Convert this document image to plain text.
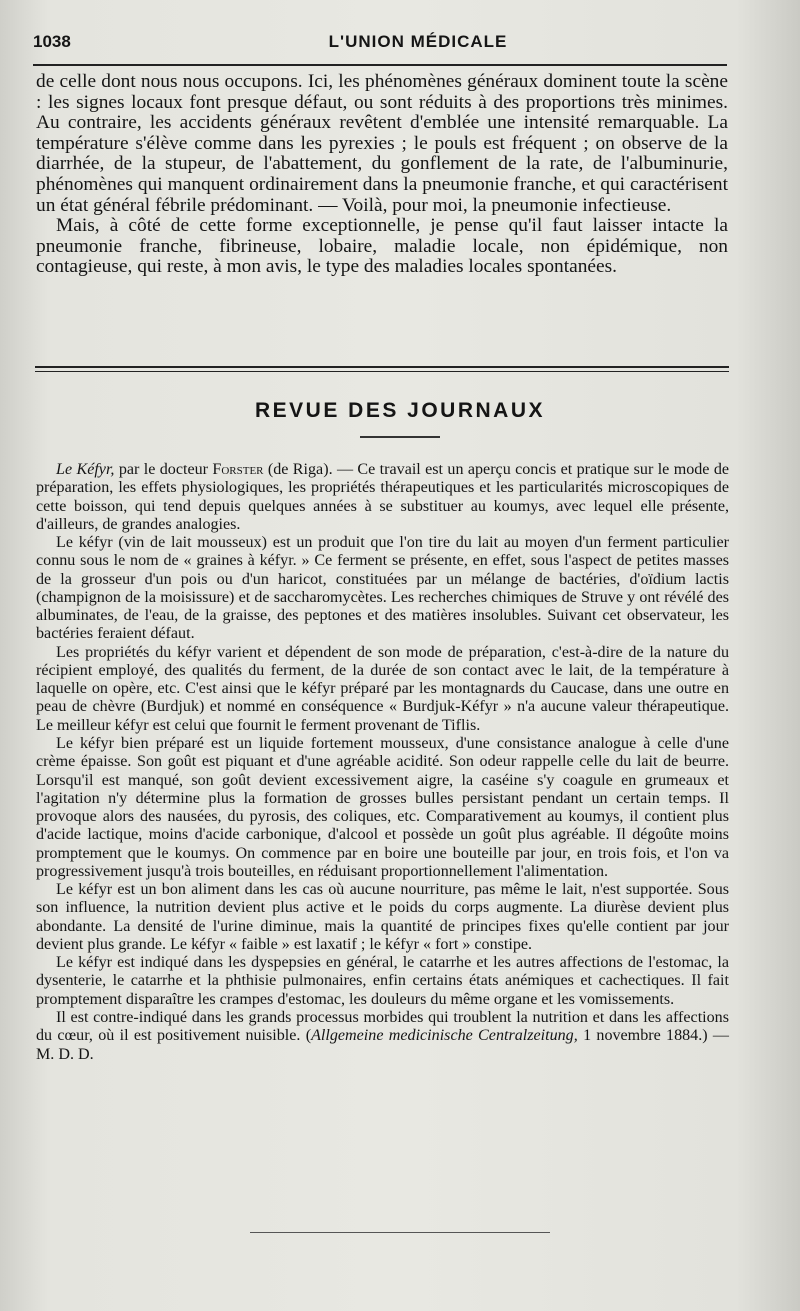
1038	L'UNION MÉDICALE

de celle dont nous nous occupons. Ici, les phénomènes généraux dominent toute la scène : les signes locaux font presque défaut, ou sont réduits à des proportions très minimes. Au contraire, les accidents généraux revêtent d'emblée une intensité remarquable. La température s'élève comme dans les pyrexies ; le pouls est fréquent ; on observe de la diarrhée, de la stupeur, de l'abattement, du gonflement de la rate, de l'albuminurie, phénomènes qui manquent ordinairement dans la pneumonie franche, et qui caractérisent un état général fébrile prédominant. — Voilà, pour moi, la pneumonie infectieuse.

Mais, à côté de cette forme exceptionnelle, je pense qu'il faut laisser intacte la pneumonie franche, fibrineuse, lobaire, maladie locale, non épidémique, non contagieuse, qui reste, à mon avis, le type des maladies locales spontanées.

REVUE DES JOURNAUX

Le Kéfyr, par le docteur Forster (de Riga). — Ce travail est un aperçu concis et pratique sur le mode de préparation, les effets physiologiques, les propriétés thérapeutiques et les particularités microscopiques de cette boisson, qui tend depuis quelques années à se substituer au koumys, avec lequel elle présente, d'ailleurs, de grandes analogies.

Le kéfyr (vin de lait mousseux) est un produit que l'on tire du lait au moyen d'un ferment particulier connu sous le nom de « graines à kéfyr. » Ce ferment se présente, en effet, sous l'aspect de petites masses de la grosseur d'un pois ou d'un haricot, constituées par un mélange de bactéries, d'oïdium lactis (champignon de la moisissure) et de saccharomycètes. Les recherches chimiques de Struve y ont révélé des albuminates, de l'eau, de la graisse, des peptones et des matières insolubles. Suivant cet observateur, les bactéries feraient défaut.

Les propriétés du kéfyr varient et dépendent de son mode de préparation, c'est-à-dire de la nature du récipient employé, des qualités du ferment, de la durée de son contact avec le lait, de la température à laquelle on opère, etc. C'est ainsi que le kéfyr préparé par les montagnards du Caucase, dans une outre en peau de chèvre (Burdjuk) et nommé en conséquence « Burdjuk-Kéfyr » n'a aucune valeur thérapeutique. Le meilleur kéfyr est celui que fournit le ferment provenant de Tiflis.

Le kéfyr bien préparé est un liquide fortement mousseux, d'une consistance analogue à celle d'une crème épaisse. Son goût est piquant et d'une agréable acidité. Son odeur rappelle celle du lait de beurre. Lorsqu'il est manqué, son goût devient excessivement aigre, la caséine s'y coagule en grumeaux et l'agitation n'y détermine plus la formation de grosses bulles persistant pendant un certain temps. Il provoque alors des nausées, du pyrosis, des coliques, etc. Comparativement au koumys, il contient plus d'acide lactique, moins d'acide carbonique, d'alcool et possède un goût plus agréable. Il dégoûte moins promptement que le koumys. On commence par en boire une bouteille par jour, en trois fois, et l'on va progressivement jusqu'à trois bouteilles, en réduisant proportionnellement l'alimentation.

Le kéfyr est un bon aliment dans les cas où aucune nourriture, pas même le lait, n'est supportée. Sous son influence, la nutrition devient plus active et le poids du corps augmente. La diurèse devient plus abondante. La densité de l'urine diminue, mais la quantité de principes fixes qu'elle contient par jour devient plus grande. Le kéfyr « faible » est laxatif ; le kéfyr « fort » constipe.

Le kéfyr est indiqué dans les dyspepsies en général, le catarrhe et les autres affections de l'estomac, la dysenterie, le catarrhe et la phthisie pulmonaires, enfin certains états anémiques et cachectiques. Il fait promptement disparaître les crampes d'estomac, les douleurs du même organe et les vomissements.

Il est contre-indiqué dans les grands processus morbides qui troublent la nutrition et dans les affections du cœur, où il est positivement nuisible. (Allgemeine medicinische Centralzeitung, 1 novembre 1884.) — M. D. D.
